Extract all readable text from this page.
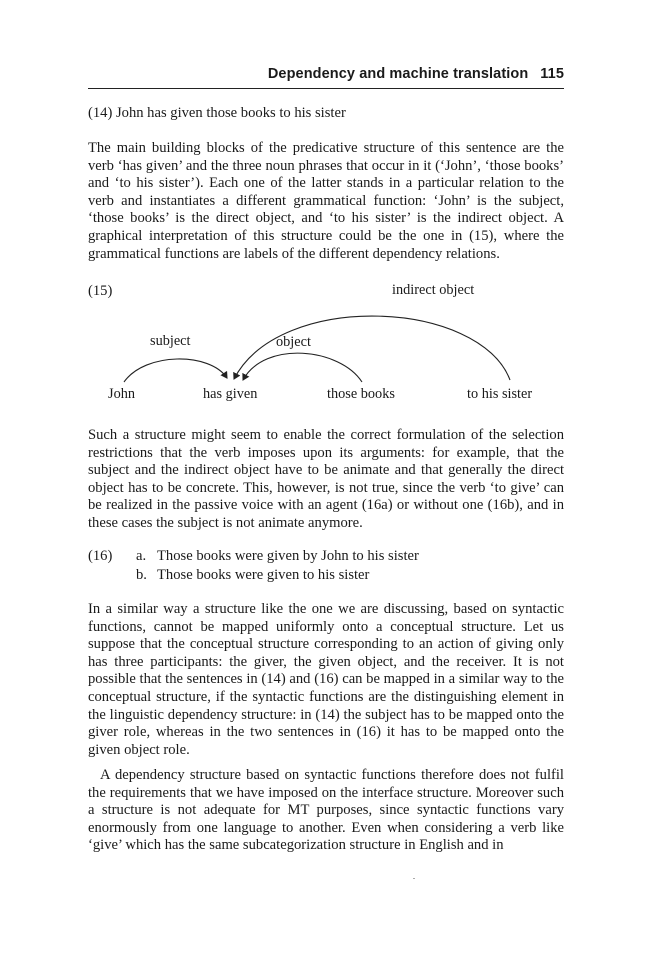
Dependency and machine translation 115
(14) John has given those books to his sister
The main building blocks of the predicative structure of this sentence are the verb ‘has given’ and the three noun phrases that occur in it (‘John’, ‘those books’ and ‘to his sister’). Each one of the latter stands in a particular relation to the verb and instantiates a different grammatical function: ‘John’ is the subject, ‘those books’ is the direct object, and ‘to his sister’ is the indirect object. A graphical interpretation of this structure could be the one in (15), where the grammatical functions are labels of the different dependency relations.
(15)	indirect object
subject	object
John	has given	those books	to his sister
Such a structure might seem to enable the correct formulation of the selection restrictions that the verb imposes upon its arguments: for example, that the subject and the indirect object have to be animate and that generally the direct object has to be concrete. This, however, is not true, since the verb ‘to give’ can be realized in the passive voice with an agent (16a) or without one (16b), and in these cases the subject is not animate anymore.
(16)	a. Those books were given by John to his sister
b. Those books were given to his sister
In a similar way a structure like the one we are discussing, based on syntactic functions, cannot be mapped uniformly onto a conceptual structure. Let us suppose that the conceptual structure corresponding to an action of giving only has three participants: the giver, the given object, and the receiver. It is not possible that the sentences in (14) and (16) can be mapped in a similar way to the conceptual structure, if the syntactic functions are the distinguishing element in the linguistic dependency structure: in (14) the subject has to be mapped onto the giver role, whereas in the two sentences in (16) it has to be mapped onto the given object role.
A dependency structure based on syntactic functions therefore does not fulfil the requirements that we have imposed on the interface structure. Moreover such a structure is not adequate for MT purposes, since syntactic functions vary enormously from one language to another. Even when considering a verb like ‘give’ which has the same subcategorization structure in English and in
